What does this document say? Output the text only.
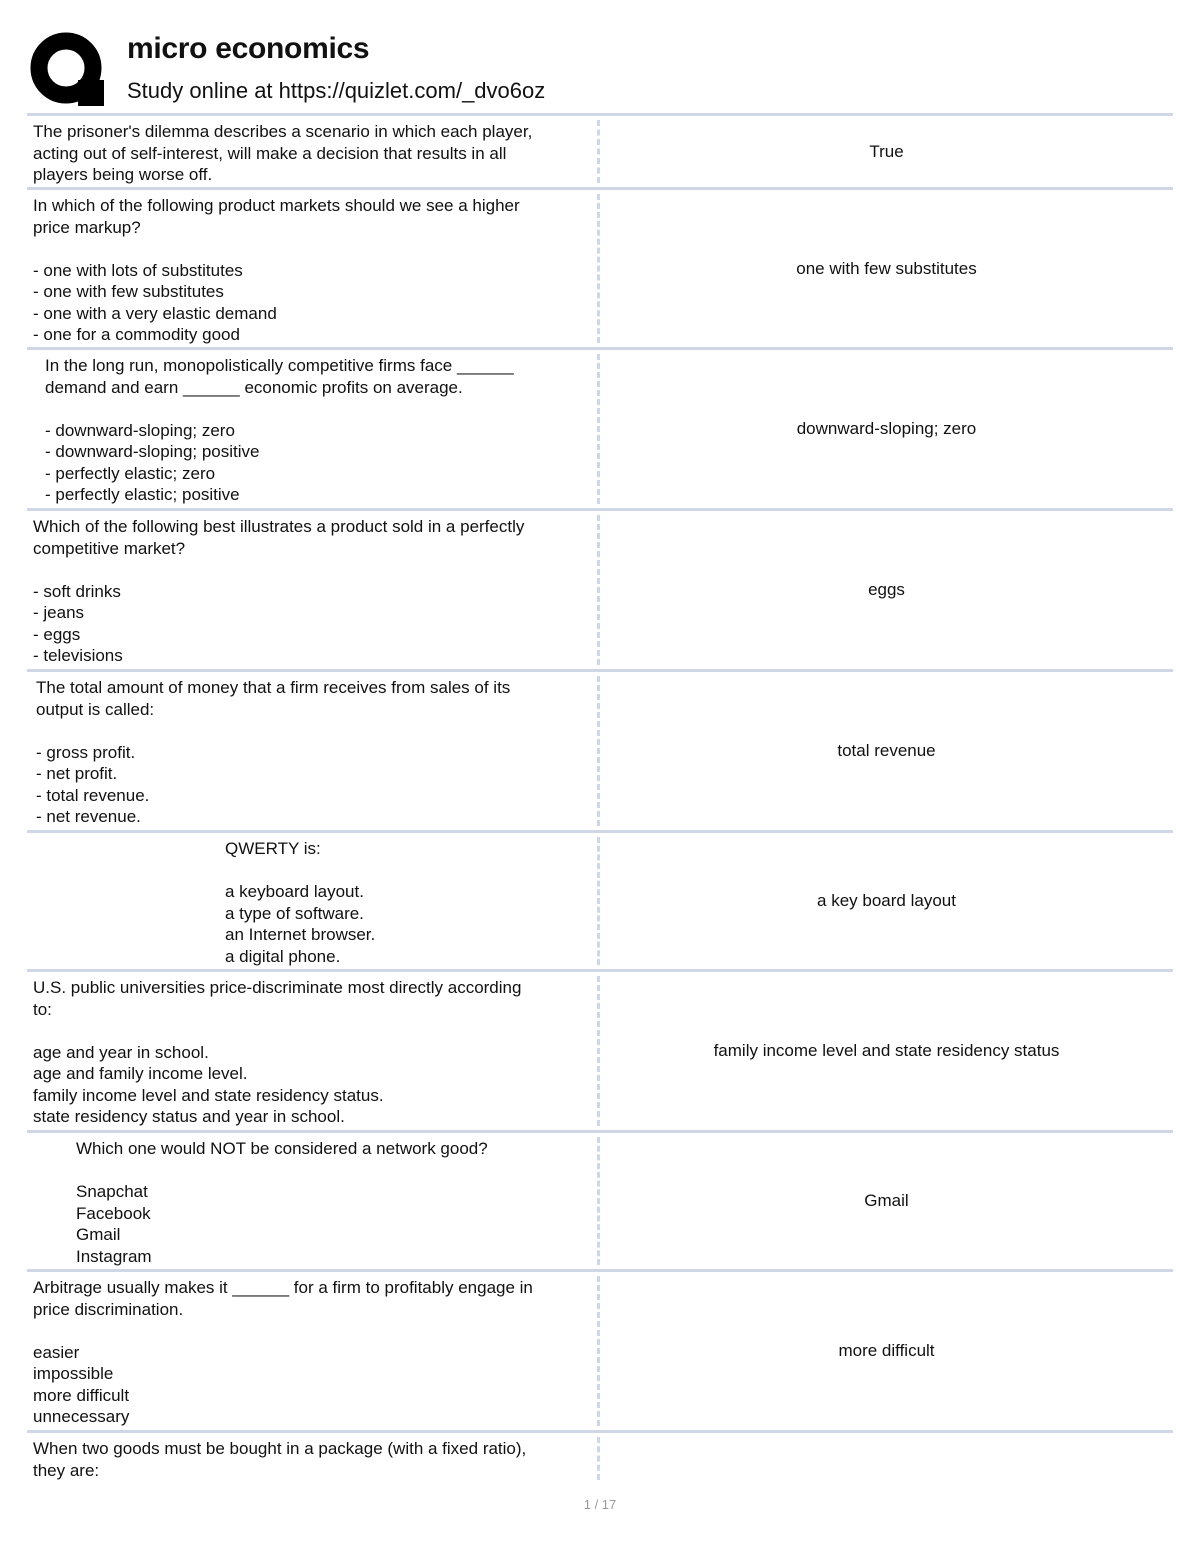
micro economics
Study online at https://quizlet.com/_dvo6oz
The prisoner's dilemma describes a scenario in which each player,
acting out of self-interest, will make a decision that results in all
players being worse off.
True
In which of the following product markets should we see a higher
price markup?

- one with lots of substitutes
- one with few substitutes
- one with a very elastic demand
- one for a commodity good
one with few substitutes
In the long run, monopolistically competitive firms face ______
demand and earn ______ economic profits on average.

- downward-sloping; zero
- downward-sloping; positive
- perfectly elastic; zero
- perfectly elastic; positive
downward-sloping; zero
Which of the following best illustrates a product sold in a perfectly
competitive market?

- soft drinks
- jeans
- eggs
- televisions
eggs
The total amount of money that a firm receives from sales of its
output is called:

- gross profit.
- net profit.
- total revenue.
- net revenue.
total revenue
QWERTY is:

a keyboard layout.
a type of software.
an Internet browser.
a digital phone.
a key board layout
U.S. public universities price-discriminate most directly according
to:

age and year in school.
age and family income level.
family income level and state residency status.
state residency status and year in school.
family income level and state residency status
Which one would NOT be considered a network good?

Snapchat
Facebook
Gmail
Instagram
Gmail
Arbitrage usually makes it ______ for a firm to profitably engage in
price discrimination.

easier
impossible
more difficult
unnecessary
more difficult
When two goods must be bought in a package (with a fixed ratio),
they are:
1 / 17
